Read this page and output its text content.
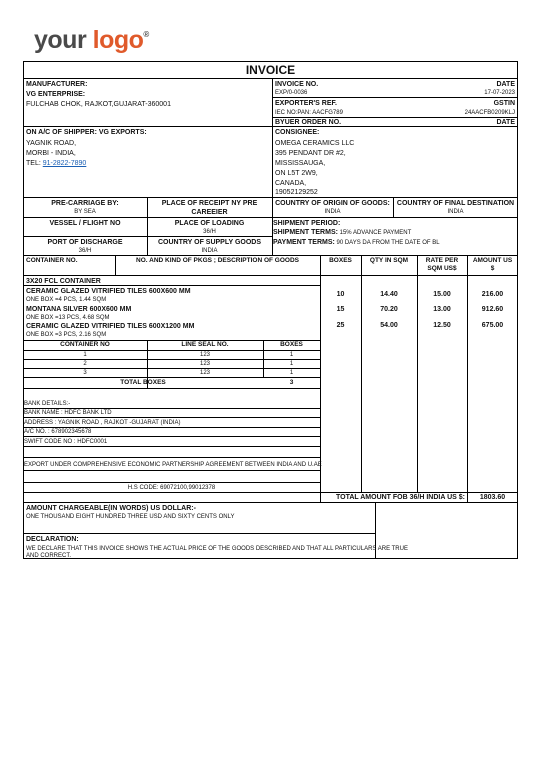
your logo®
INVOICE
MANUFACTURER:
VG ENTERPRISE:
FULCHAB CHOK, RAJKOT,GUJARAT-360001
INVOICE NO.	DATE
EXP/0-0036	17-07-2023
EXPORTER'S REF.	GSTIN
IEC NO:PAN: AACFG789	24AACFB0209KLJ
BYUER ORDER NO.	DATE
ON A/C OF SHIPPER: VG EXPORTS:
YAGNIK ROAD,
MORBI - INDIA,
TEL: 91-2822-7890
CONSIGNEE:
OMEGA CERAMICS LLC
395 PENDANT DR #2,
MISSISSAUGA,
ON L5T 2W9,
CANADA,
19052129252
PRE-CARRIAGE BY:
BY SEA
PLACE OF RECEIPT NY PRE
CAREEIER
COUNTRY OF ORIGIN OF GOODS:
INDIA
COUNTRY OF FINAL DESTINATION
INDIA
VESSEL / FLIGHT NO	PLACE OF LOADING
36/H
SHIPMENT PERIOD:
SHIPMENT TERMS: 15% ADVANCE PAYMENT
PORT OF DISCHARGE
36/H
COUNTRY OF SUPPLY GOODS
INDIA
PAYMENT TERMS: 90 DAYS DA FROM THE DATE OF BL
CONTAINER NO.	NO. AND KIND OF PKGS ; DESCRIPTION OF GOODS	BOXES	QTY IN SQM	RATE PER
SQM US$
AMOUNT US
$
3X20 FCL CONTAINER
CERAMIC GLAZED VITRIFIED TILES 600X600 MM
ONE BOX =4 PCS, 1.44 SQM
10	14.40	15.00	216.00
MONTANA SILVER 600X600 MM
ONE BOX =13 PCS, 4.68 SQM
15	70.20	13.00	912.60
CERAMIC GLAZED VITRIFIED TILES 600X1200 MM
ONE BOX =3 PCS, 2.16 SQM
25	54.00	12.50	675.00
CONTAINER NO	LINE SEAL NO.	BOXES
1	123	1
2	123	1
3	123	1
TOTAL BOXES	3
BANK DETAILS:-
BANK NAME : HDFC BANK LTD
ADDRESS : YAGNIK ROAD , RAJKOT -GUJARAT (INDIA)
A/C NO. : 678902345678
SWIFT CODE NO : HDFC0001
EXPORT UNDER COMPREHENSIVE ECONOMIC PARTNERSHIP AGREEMENT BETWEEN INDIA AND U.AE
H.S CODE: 69072100,99012378
TOTAL AMOUNT FOB 36/H INDIA US $:	1803.60
AMOUNT CHARGEABLE(IN WORDS) US DOLLAR:-
ONE THOUSAND EIGHT HUNDRED THREE USD AND SIXTY CENTS ONLY
DECLARATION:
WE DECLARE THAT THIS INVOICE SHOWS THE ACTUAL PRICE OF THE GOODS DESCRIBED AND THAT ALL PARTICULARS ARE TRUE
AND CORRECT.
